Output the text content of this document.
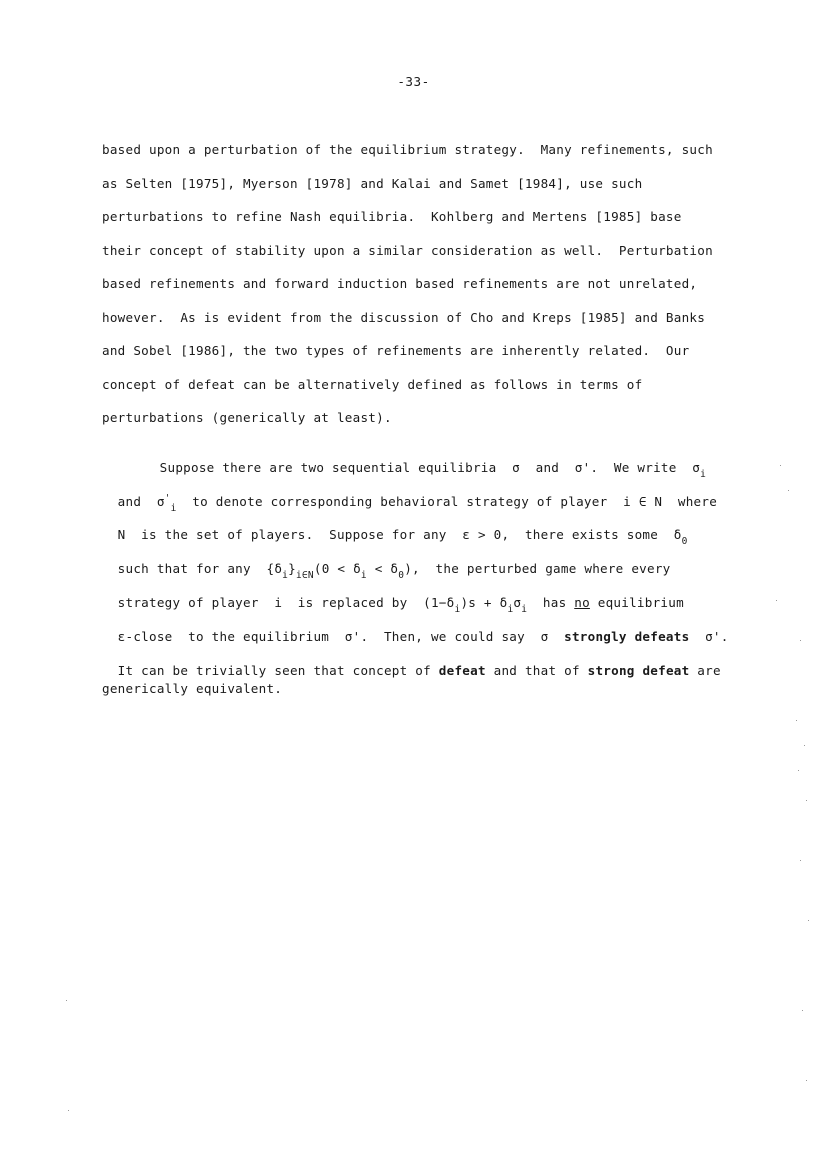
-33-
based upon a perturbation of the equilibrium strategy.  Many refinements, such
as Selten [1975], Myerson [1978] and Kalai and Samet [1984], use such
perturbations to refine Nash equilibria.  Kohlberg and Mertens [1985] base
their concept of stability upon a similar consideration as well.  Perturbation
based refinements and forward induction based refinements are not unrelated,
however.  As is evident from the discussion of Cho and Kreps [1985] and Banks
and Sobel [1986], the two types of refinements are inherently related.  Our
concept of defeat can be alternatively defined as follows in terms of
perturbations (generically at least).

Suppose there are two sequential equilibria  σ  and  σ'.  We write  $\sigma_i$

and  $\sigma'_i$  to denote corresponding behavioral strategy of player  i ∈ N  where

N  is the set of players.  Suppose for any  ε > 0,  there exists some  $\delta_0$

such that for any  $\{\delta_i\}_{i\in N}(0 < \delta_i < \delta_0)$,  the perturbed game where every

strategy of player  i  is replaced by  $(1-\delta_i)s + \delta_i\sigma_i$  has no equilibrium

ε-close  to the equilibrium  σ'.  Then, we could say  σ  strongly defeats  σ'.

It can be trivially seen that concept of defeat and that of strong defeat are

generically equivalent.
